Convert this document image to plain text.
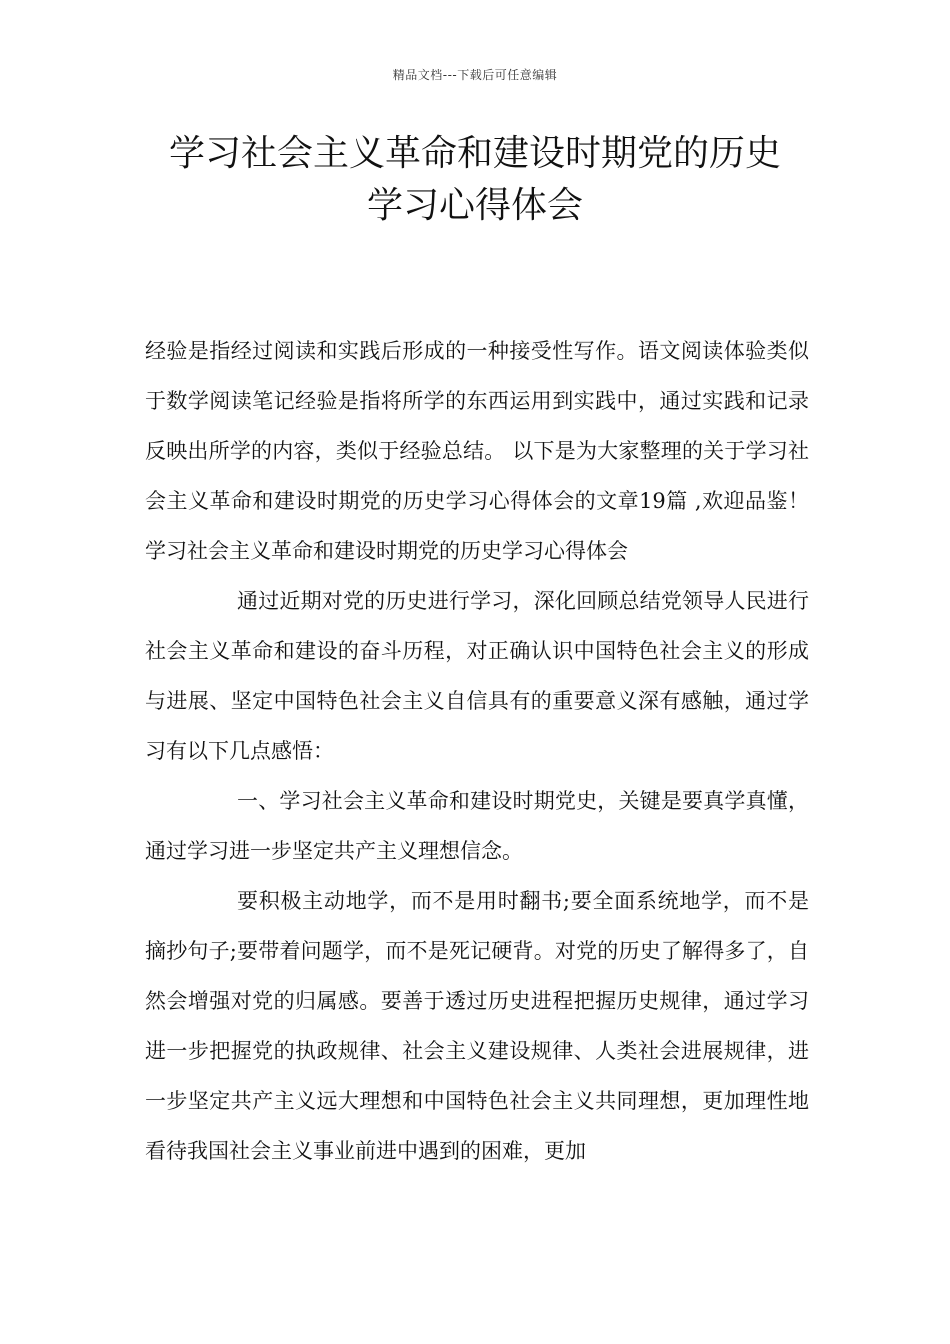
精品文档---下载后可任意编辑
学习社会主义革命和建设时期党的历史
学习心得体会

经验是指经过阅读和实践后形成的一种接受性写作。语文阅读体验类似于数学阅读笔记经验是指将所学的东西运用到实践中，通过实践和记录反映出所学的内容，类似于经验总结。 以下是为大家整理的关于学习社会主义革命和建设时期党的历史学习心得体会的文章19篇 ,欢迎品鉴！学习社会主义革命和建设时期党的历史学习心得体会

通过近期对党的历史进行学习，深化回顾总结党领导人民进行社会主义革命和建设的奋斗历程，对正确认识中国特色社会主义的形成与进展、坚定中国特色社会主义自信具有的重要意义深有感触，通过学习有以下几点感悟：

一、学习社会主义革命和建设时期党史，关键是要真学真懂，通过学习进一步坚定共产主义理想信念。

要积极主动地学，而不是用时翻书;要全面系统地学，而不是摘抄句子;要带着问题学，而不是死记硬背。对党的历史了解得多了，自然会增强对党的归属感。要善于透过历史进程把握历史规律，通过学习进一步把握党的执政规律、社会主义建设规律、人类社会进展规律，进一步坚定共产主义远大理想和中国特色社会主义共同理想，更加理性地看待我国社会主义事业前进中遇到的困难，更加
